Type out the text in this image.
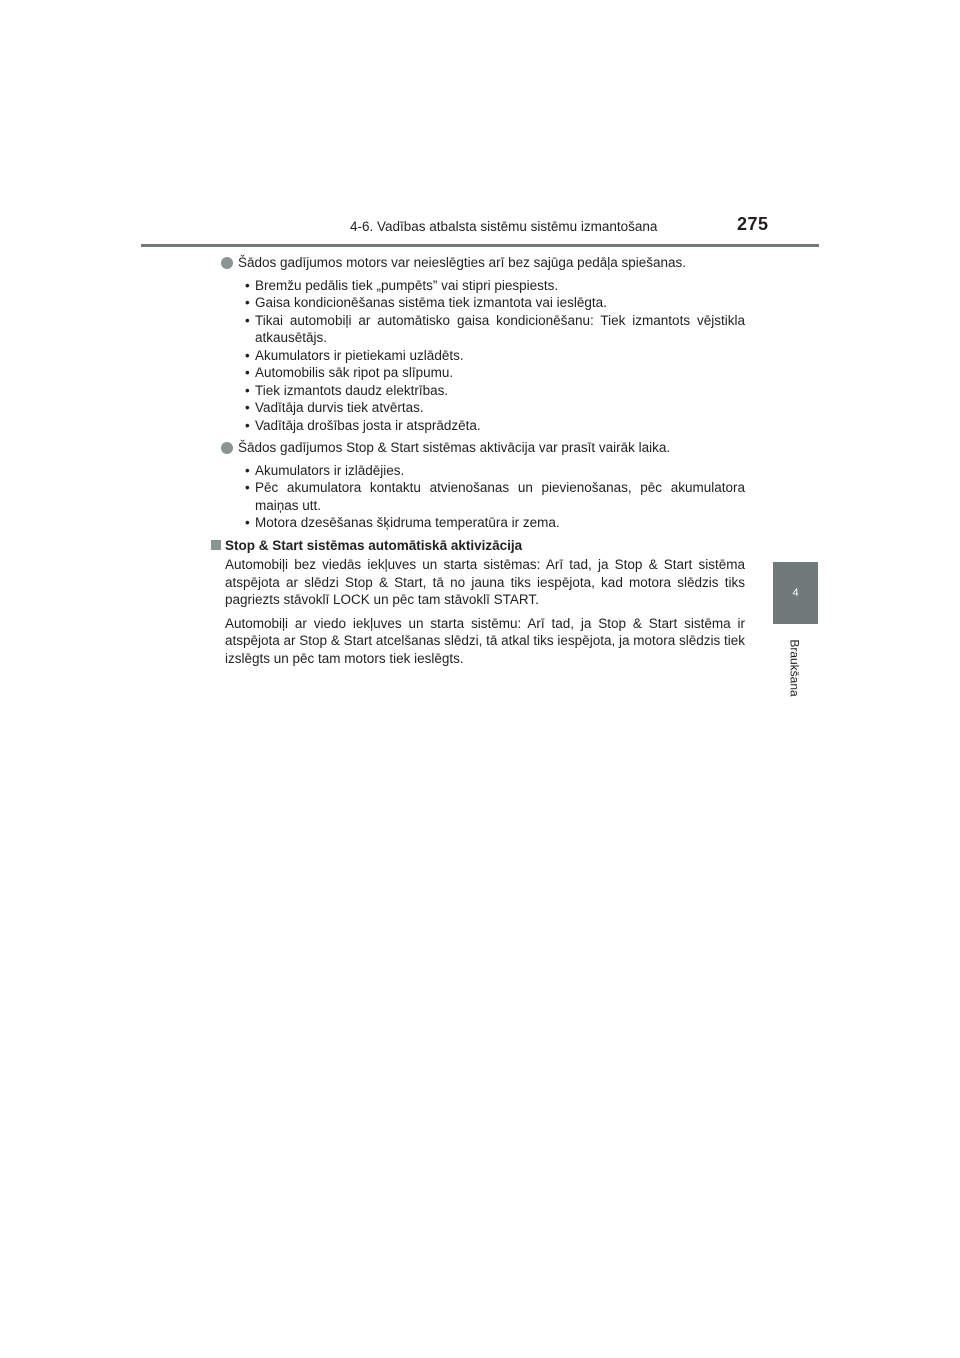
4-6. Vadības atbalsta sistēmu sistēmu izmantošana	275
4
Braukšana

Šādos gadījumos motors var neieslēgties arī bez sajūga pedāļa spiešanas.

• Bremžu pedālis tiek „pumpēts” vai stipri piespiests.
• Gaisa kondicionēšanas sistēma tiek izmantota vai ieslēgta.
• Tikai automobiļi ar automātisko gaisa kondicionēšanu: Tiek izmantots vējstikla atkausētājs.
• Akumulators ir pietiekami uzlādēts.
• Automobilis sāk ripot pa slīpumu.
• Tiek izmantots daudz elektrības.
• Vadītāja durvis tiek atvērtas.
• Vadītāja drošības josta ir atsprādzēta.

Šādos gadījumos Stop & Start sistēmas aktivācija var prasīt vairāk laika.

• Akumulators ir izlādējies.
• Pēc akumulatora kontaktu atvienošanas un pievienošanas, pēc akumulatora maiņas utt.
• Motora dzesēšanas šķidruma temperatūra ir zema.

Stop & Start sistēmas automātiskā aktivizācija

Automobiļi bez viedās iekļuves un starta sistēmas: Arī tad, ja Stop & Start sistēma atspējota ar slēdzi Stop & Start, tā no jauna tiks iespējota, kad motora slēdzis tiks pagriezts stāvoklī LOCK un pēc tam stāvoklī START.

Automobiļi ar viedo iekļuves un starta sistēmu: Arī tad, ja Stop & Start sistēma ir atspējota ar Stop & Start atcelšanas slēdzi, tā atkal tiks iespējota, ja motora slēdzis tiek izslēgts un pēc tam motors tiek ieslēgts.
